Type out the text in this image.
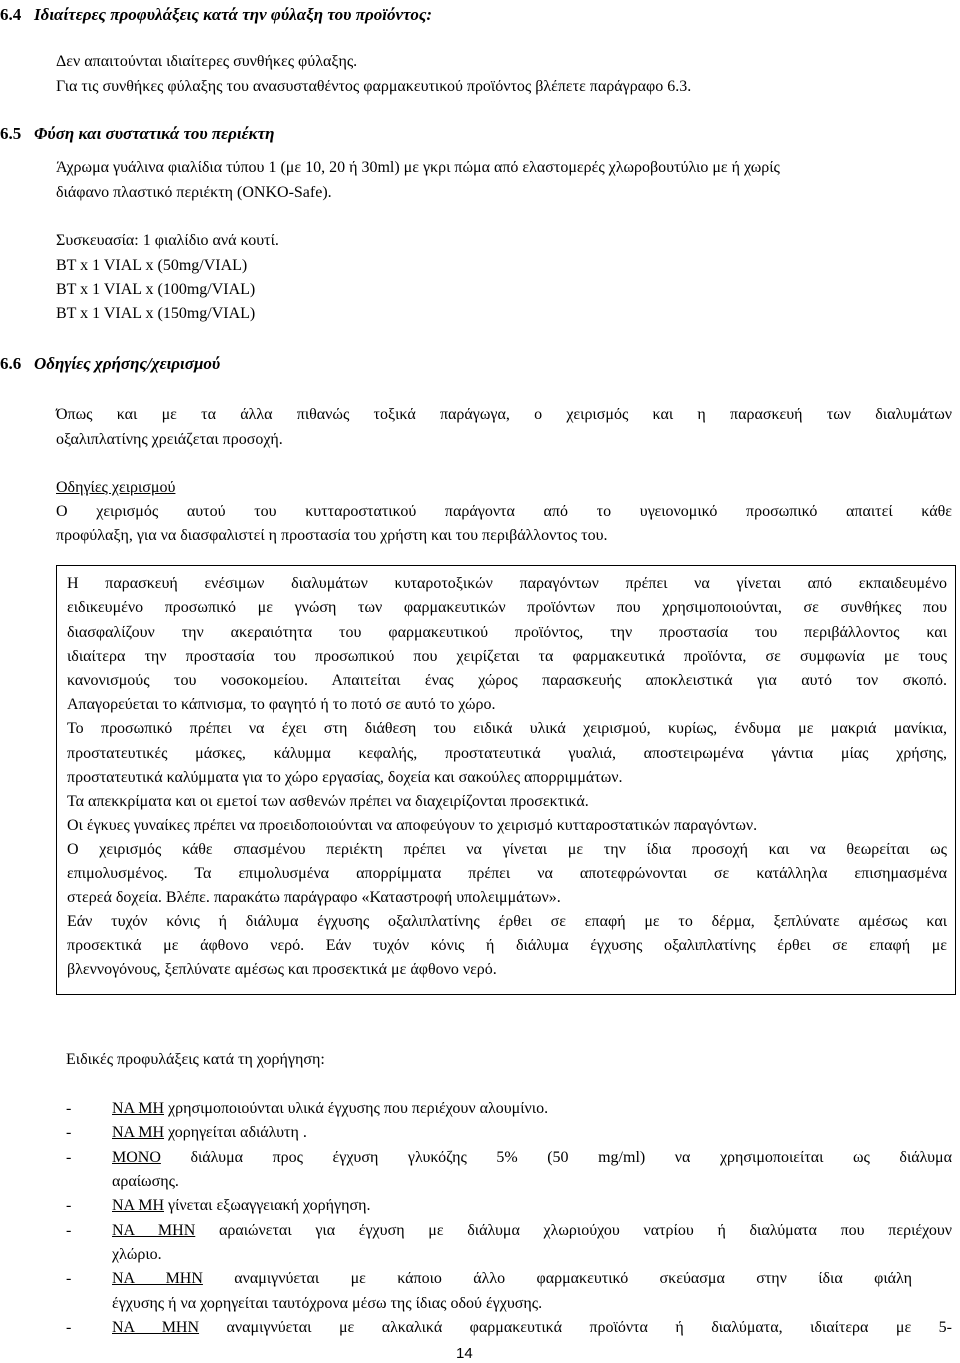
6.4 Ιδιαίτερες προφυλάξεις κατά την φύλαξη του προϊόντος:
Δεν απαιτούνται ιδιαίτερες συνθήκες φύλαξης.
Για τις συνθήκες φύλαξης του ανασυσταθέντος φαρμακευτικού προϊόντος βλέπετε παράγραφο 6.3.
6.5 Φύση και συστατικά του περιέκτη
Άχρωμα γυάλινα φιαλίδια τύπου 1 (με 10, 20 ή 30ml) με γκρι πώμα από ελαστομερές χλωροβουτύλιο με ή χωρίς
διάφανο πλαστικό περιέκτη (ONKO-Safe).
Συσκευασία: 1 φιαλίδιο ανά κουτί.
BT x 1 VIAL x (50mg/VIAL)
BT x 1 VIAL x (100mg/VIAL)
BT x 1 VIAL x (150mg/VIAL)
6.6 Οδηγίες χρήσης/χειρισμού
Όπως και με τα άλλα πιθανώς τοξικά παράγωγα, ο χειρισμός και η παρασκευή των διαλυμάτων
οξαλιπλατίνης χρειάζεται προσοχή.
Οδηγίες χειρισμού
Ο χειρισμός αυτού του κυτταροστατικού παράγοντα από το υγειονομικό προσωπικό απαιτεί κάθε
προφύλαξη, για να διασφαλιστεί η προστασία του χρήστη και του περιβάλλοντος του.
Η παρασκευή ενέσιμων διαλυμάτων κυταροτοξικών παραγόντων πρέπει να γίνεται από εκπαιδευμένο
ειδικευμένο προσωπικό με γνώση των φαρμακευτικών προϊόντων που χρησιμοποιούνται, σε συνθήκες που
διασφαλίζουν την ακεραιότητα του φαρμακευτικού προϊόντος, την προστασία του περιβάλλοντος και
ιδιαίτερα την προστασία του προσωπικού που χειρίζεται τα φαρμακευτικά προϊόντα, σε συμφωνία με τους
κανονισμούς του νοσοκομείου. Απαιτείται ένας χώρος παρασκευής αποκλειστικά για αυτό τον σκοπό.
Απαγορεύεται το κάπνισμα, το φαγητό ή το ποτό σε αυτό το χώρο.
Το προσωπικό πρέπει να έχει στη διάθεση του ειδικά υλικά χειρισμού, κυρίως, ένδυμα με μακριά μανίκια,
προστατευτικές μάσκες, κάλυμμα κεφαλής, προστατευτικά γυαλιά, αποστειρωμένα γάντια μίας χρήσης,
προστατευτικά καλύμματα για το χώρο εργασίας, δοχεία και σακούλες απορριμμάτων.
Τα απεκκρίματα και οι εμετοί των ασθενών πρέπει να διαχειρίζονται προσεκτικά.
Οι έγκυες γυναίκες πρέπει να προειδοποιούνται να αποφεύγουν το χειρισμό κυτταροστατικών παραγόντων.
Ο χειρισμός κάθε σπασμένου περιέκτη πρέπει να γίνεται με την ίδια προσοχή και να θεωρείται ως
επιμολυσμένος. Τα επιμολυσμένα απορρίμματα πρέπει να αποτεφρώνονται σε κατάλληλα επισημασμένα
στερεά δοχεία. Βλέπε. παρακάτω παράγραφο «Καταστροφή υπολειμμάτων».
Εάν τυχόν κόνις ή διάλυμα έγχυσης οξαλιπλατίνης έρθει σε επαφή με το δέρμα, ξεπλύνατε αμέσως και
προσεκτικά με άφθονο νερό. Εάν τυχόν κόνις ή διάλυμα έγχυσης οξαλιπλατίνης έρθει σε επαφή με
βλεννογόνους, ξεπλύνατε αμέσως και προσεκτικά με άφθονο νερό.
Ειδικές προφυλάξεις κατά τη χορήγηση:
-	ΝΑ ΜΗ χρησιμοποιούνται υλικά έγχυσης που περιέχουν αλουμίνιο.
-	ΝΑ ΜΗ χορηγείται αδιάλυτη .
-	ΜΟΝΟ διάλυμα προς έγχυση γλυκόζης 5% (50 mg/ml) να χρησιμοποιείται ως διάλυμα
αραίωσης.
-	ΝΑ ΜΗ γίνεται εξωαγγειακή χορήγηση.
-	ΝΑ ΜΗΝ αραιώνεται για έγχυση με διάλυμα χλωριούχου νατρίου ή διαλύματα που περιέχουν
χλώριο.
-	ΝΑ ΜΗΝ αναμιγνύεται με κάποιο άλλο φαρμακευτικό σκεύασμα στην ίδια φιάλη
έγχυσης ή να χορηγείται ταυτόχρονα μέσω της ίδιας οδού έγχυσης.
-	ΝΑ ΜΗΝ αναμιγνύεται με αλκαλικά φαρμακευτικά προϊόντα ή διαλύματα, ιδιαίτερα με 5-
14
